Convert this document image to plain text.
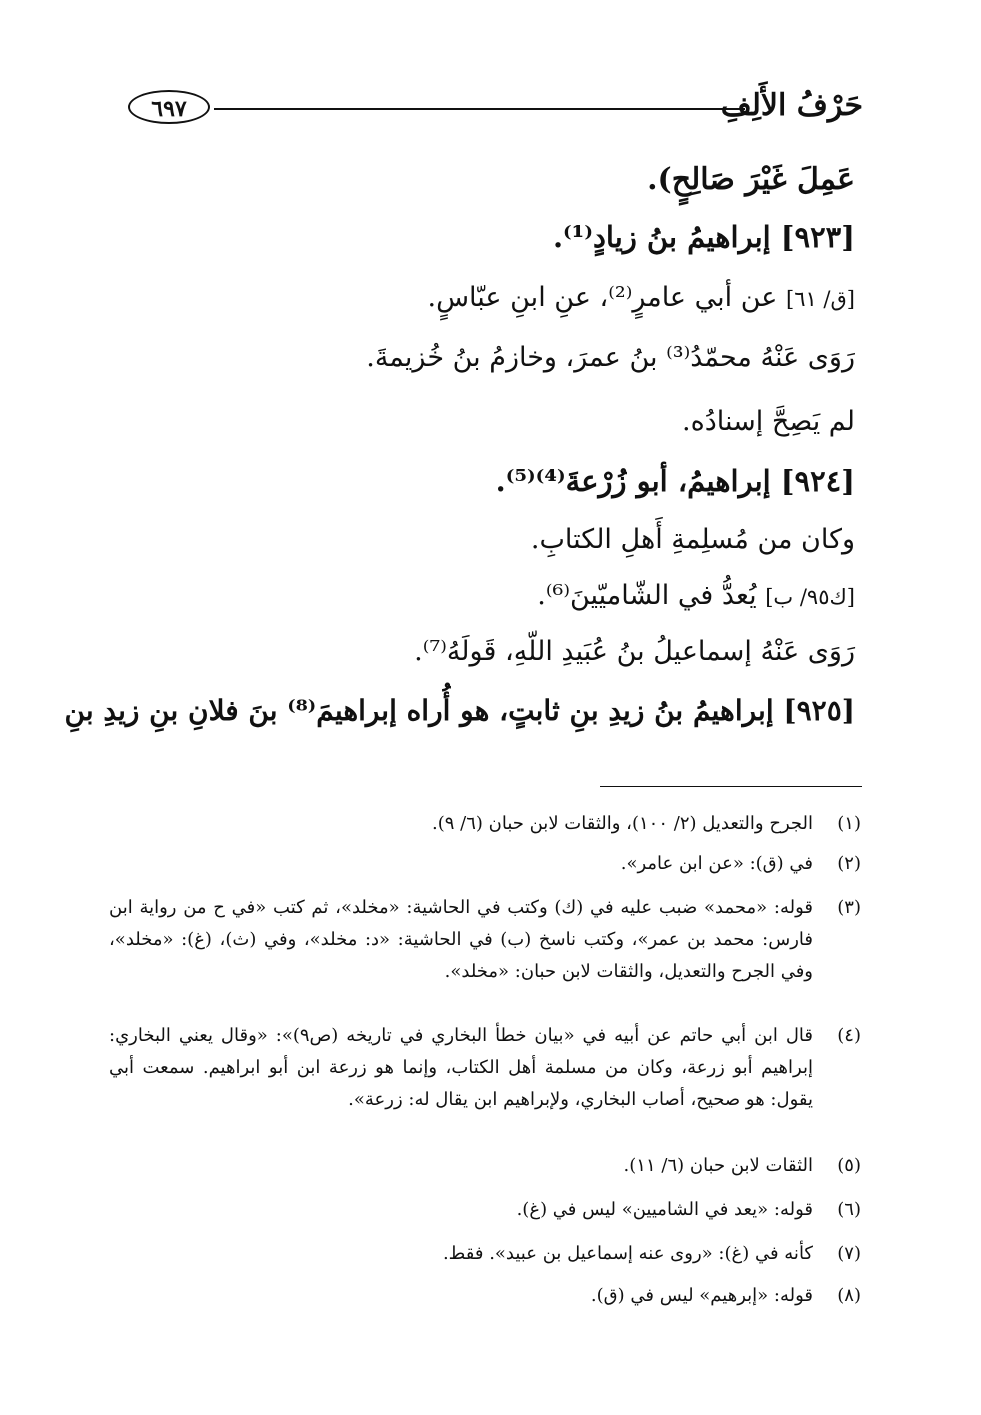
٦٩٧	حَرْفُ الأَلِفِ
عَمِلَ غَيْرَ صَالِحٍ).
[٩٢٣] إبراهيمُ بنُ زيادٍ⁽¹⁾.
[ق/ ٦١] عن أبي عامرٍ⁽²⁾، عنِ ابنِ عبّاسٍ.
رَوَى عَنْهُ محمّدُ⁽³⁾ بنُ عمرَ، وخازمُ بنُ خُزيمةَ.
لم يَصِحَّ إسنادُه.
[٩٢٤] إبراهيمُ، أبو زُرْعةَ⁽⁴⁾⁽⁵⁾.
وكان من مُسلِمةِ أَهلِ الكتابِ.
[ك٩٥/ ب] يُعدُّ في الشّاميّينَ⁽⁶⁾.
رَوَى عَنْهُ إسماعيلُ بنُ عُبَيدِ اللّهِ، قَولَهُ⁽⁷⁾.
[٩٢٥] إبراهيمُ بنُ زيدِ بنِ ثابتٍ، هو أُراه إبراهيمَ⁽⁸⁾ بنَ فلانِ بنِ زيدِ بنِ
(١)
الجرح والتعديل (٢/ ١٠٠)، والثقات لابن حبان (٦/ ٩).
(٢)
في (ق): «عن ابن عامر».
(٣)
قوله: «محمد» ضبب عليه في (ك) وكتب في الحاشية: «مخلد»، ثم كتب «في ح من رواية ابن فارس: محمد بن عمر»، وكتب ناسخ (ب) في الحاشية: «د: مخلد»، وفي (ث)، (غ): «مخلد»، وفي الجرح والتعديل، والثقات لابن حبان: «مخلد».
(٤)
قال ابن أبي حاتم عن أبيه في «بيان خطأ البخاري في تاريخه (ص٩)»: «وقال يعني البخاري: إبراهيم أبو زرعة، وكان من مسلمة أهل الكتاب، وإنما هو زرعة ابن أبو ابراهيم. سمعت أبي يقول: هو صحيح، أصاب البخاري، ولإبراهيم ابن يقال له: زرعة».
(٥)
الثقات لابن حبان (٦/ ١١).
(٦)
قوله: «يعد في الشاميين» ليس في (غ).
(٧)
كأنه في (غ): «روى عنه إسماعيل بن عبيد». فقط.
(٨)
قوله: «إبرهيم» ليس في (ق).
